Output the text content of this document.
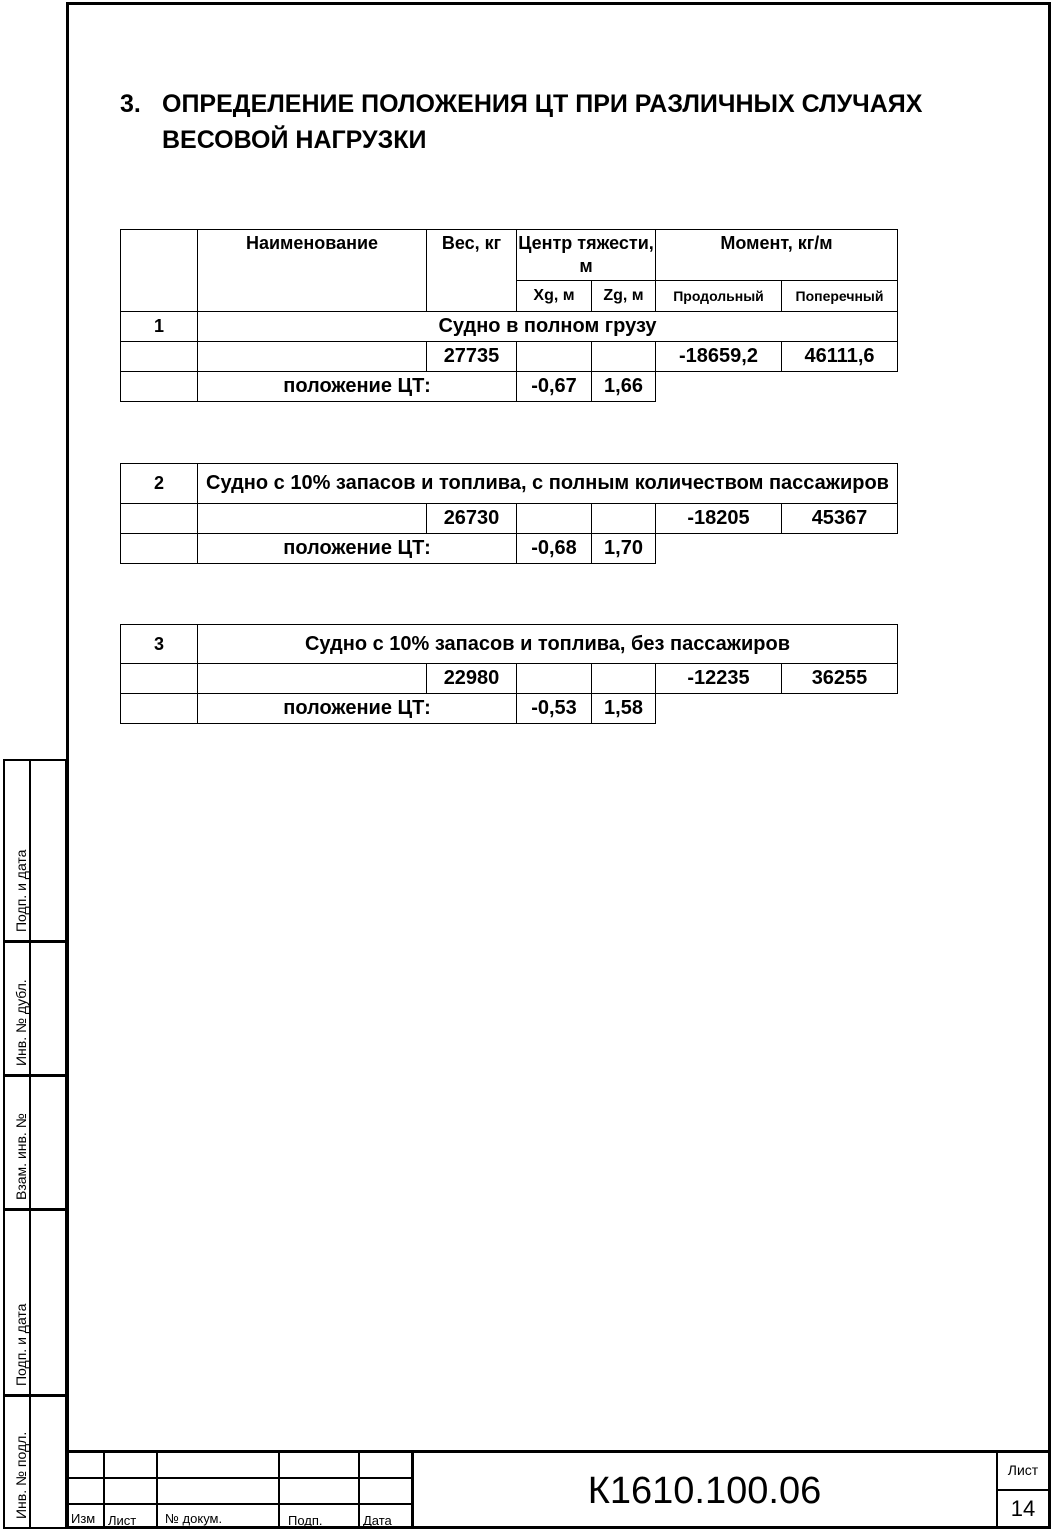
3. ОПРЕДЕЛЕНИЕ ПОЛОЖЕНИЯ ЦТ ПРИ РАЗЛИЧНЫХ СЛУЧАЯХ ВЕСОВОЙ НАГРУЗКИ
	Наименование	Вес, кг	Центр тяжести, м		Момент, кг/м	
			Xg, м	Zg, м	Продольный	Поперечный
1	Судно в полном грузу					
		27735			-18659,2	46111,6
	положение ЦТ:		-0,67	1,66		
2	Судно с 10% запасов и топлива, с полным количеством пассажиров					
		26730			-18205	45367
	положение ЦТ:		-0,68	1,70		
3	Судно с 10% запасов и топлива, без пассажиров					
		22980			-12235	36255
	положение ЦТ:		-0,53	1,58		
Подп. и дата
Инв. № дубл.
Взам. инв. №
Подп. и дата
Инв. № подл.	Изм Лист № докум.	Подп.	Дата
К1610.100.06	Лист
14
